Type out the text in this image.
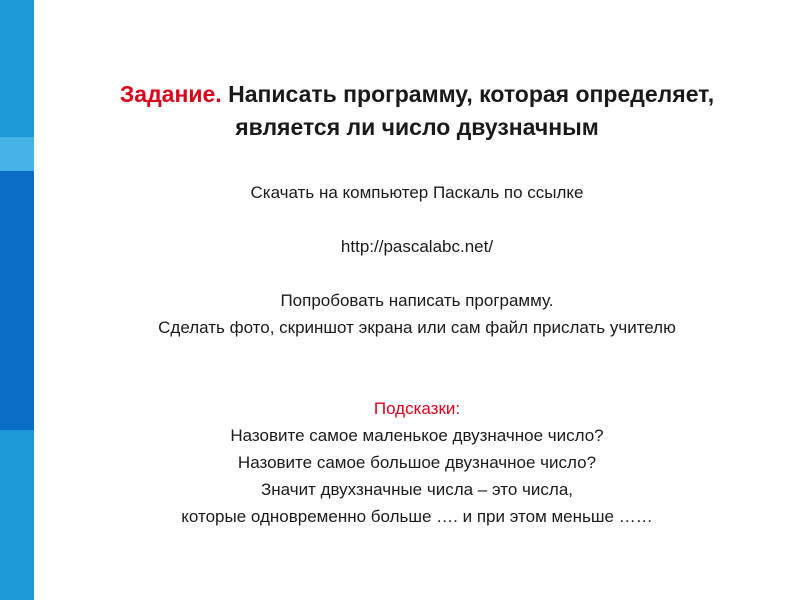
Задание. Написать программу, которая определяет,
является ли число двузначным
Скачать на компьютер Паскаль по ссылке
http://pascalabc.net/
Попробовать написать программу.
Сделать фото, скриншот экрана или сам файл прислать учителю
Подсказки:
Назовите самое маленькое двузначное число?
Назовите самое большое двузначное число?
Значит двухзначные числа – это числа,
которые одновременно больше …. и при этом меньше ……
